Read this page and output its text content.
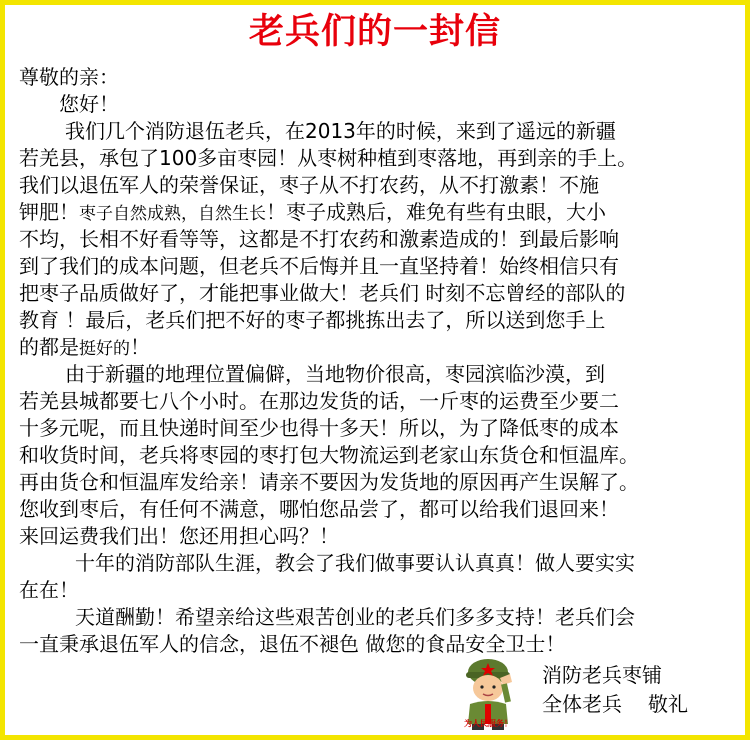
老兵们的一封信
尊敬的亲：
您好！
我们几个消防退伍老兵，在2013年的时候，来到了遥远的新疆
若羌县，承包了100多亩枣园！从枣树种植到枣落地，再到亲的手上。
我们以退伍军人的荣誉保证，枣子从不打农药，从不打激素！不施
钾肥！枣子自然成熟，自然生长！枣子成熟后，难免有些有虫眼，大小
不均，长相不好看等等，这都是不打农药和激素造成的！到最后影响
到了我们的成本问题，但老兵不后悔并且一直坚持着！始终相信只有
把枣子品质做好了，才能把事业做大！老兵们 时刻不忘曾经的部队的
教育 ！最后，老兵们把不好的枣子都挑拣出去了，所以送到您手上
的都是挺好的！
由于新疆的地理位置偏僻，当地物价很高，枣园滨临沙漠，到
若羌县城都要七八个小时。在那边发货的话，一斤枣的运费至少要二
十多元呢，而且快递时间至少也得十多天！所以，为了降低枣的成本
和收货时间，老兵将枣园的枣打包大物流运到老家山东货仓和恒温库。
再由货仓和恒温库发给亲！请亲不要因为发货地的原因再产生误解了。
您收到枣后，有任何不满意，哪怕您品尝了，都可以给我们退回来！
来回运费我们出！您还用担心吗？！
十年的消防部队生涯，教会了我们做事要认认真真！做人要实实
在在！
天道酬勤！希望亲给这些艰苦创业的老兵们多多支持！老兵们会
一直秉承退伍军人的信念，退伍不褪色 做您的食品安全卫士！
为人民服务！
消防老兵枣铺
全体老兵 敬礼
